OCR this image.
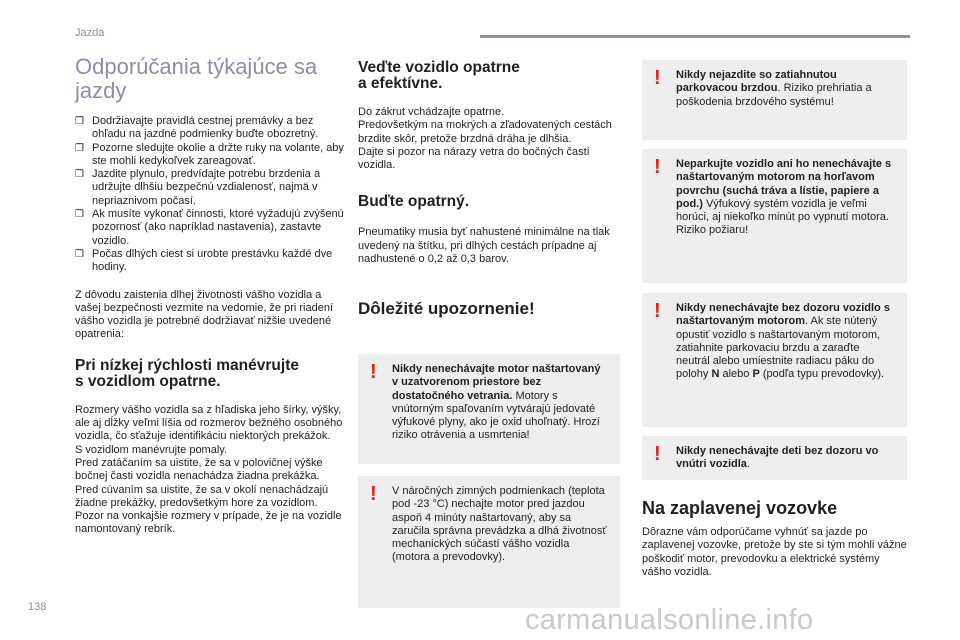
Jazda
Odporúčania týkajúce sa
jazdy
❒ Dodržiavajte pravidlá cestnej premávky a bez ohľadu na jazdné podmienky buďte obozretný.
❒ Pozorne sledujte okolie a držte ruky na volante, aby ste mohli kedykoľvek zareagovať.
❒ Jazdite plynulo, predvídajte potrebu brzdenia a udržujte dlhšiu bezpečnú vzdialenosť, najmä v nepriaznivom počasí.
❒ Ak musíte vykonať činnosti, ktoré vyžadujú zvýšenú pozornosť (ako napríklad nastavenia), zastavte vozidlo.
❒ Počas dlhých ciest si urobte prestávku každé dve hodiny.

Z dôvodu zaistenia dlhej životnosti vášho vozidla a vašej bezpečnosti vezmite na vedomie, že pri riadení vášho vozidla je potrebné dodržiavať nižšie uvedené opatrenia:

Pri nízkej rýchlosti manévrujte
s vozidlom opatrne.

Rozmery vášho vozidla sa z hľadiska jeho šírky, výšky, ale aj dĺžky veľmi líšia od rozmerov bežného osobného vozidla, čo sťažuje identifikáciu niektorých prekážok.
S vozidlom manévrujte pomaly.
Pred zatáčaním sa uistite, že sa v polovičnej výške bočnej časti vozidla nenachádza žiadna prekážka.
Pred cúvaním sa uistite, že sa v okolí nenachádzajú žiadne prekážky, predovšetkým hore za vozidlom.
Pozor na vonkajšie rozmery v prípade, že je na vozidle namontovaný rebrík.

Veďte vozidlo opatrne
a efektívne.

Do zákrut vchádzajte opatrne.
Predovšetkým na mokrých a zľadovatených cestách brzdite skôr, pretože brzdná dráha je dlhšia.
Dajte si pozor na nárazy vetra do bočných častí vozidla.

Buďte opatrný.

Pneumatiky musia byť nahustené minimálne na tlak uvedený na štítku, pri dlhých cestách prípadne aj nadhustené o 0,2 až 0,3 barov.

Dôležité upozornenie!
! Nikdy nenechávajte motor naštartovaný v uzatvorenom priestore bez dostatočného vetrania. Motory s vnútorným spaľovaním vytvárajú jedovaté výfukové plyny, ako je oxid uhoľnatý. Hrozí riziko otrávenia a usmrtenia!
! V náročných zimných podmienkach (teplota pod -23 °C) nechajte motor pred jazdou aspoň 4 minúty naštartovaný, aby sa zaručila správna prevádzka a dlhá životnosť mechanických súčastí vášho vozidla (motora a prevodovky).
! Nikdy nejazdite so zatiahnutou parkovacou brzdou. Riziko prehriatia a poškodenia brzdového systému!
! Neparkujte vozidlo ani ho nenechávajte s naštartovaným motorom na horľavom povrchu (suchá tráva a lístie, papiere a pod.) Výfukový systém vozidla je veľmi horúci, aj niekoľko minút po vypnutí motora. Riziko požiaru!
! Nikdy nenechávajte bez dozoru vozidlo s naštartovaným motorom. Ak ste nútený opustiť vozidlo s naštartovaným motorom, zatiahnite parkovaciu brzdu a zaraďte neutrál alebo umiestnite radiacu páku do polohy N alebo P (podľa typu prevodovky).
! Nikdy nenechávajte deti bez dozoru vo vnútri vozidla.
Na zaplavenej vozovke

Dôrazne vám odporúčame vyhnúť sa jazde po zaplavenej vozovke, pretože by ste si tým mohli vážne poškodiť motor, prevodovku a elektrické systémy vášho vozidla.

138	carmanualsonline.info
